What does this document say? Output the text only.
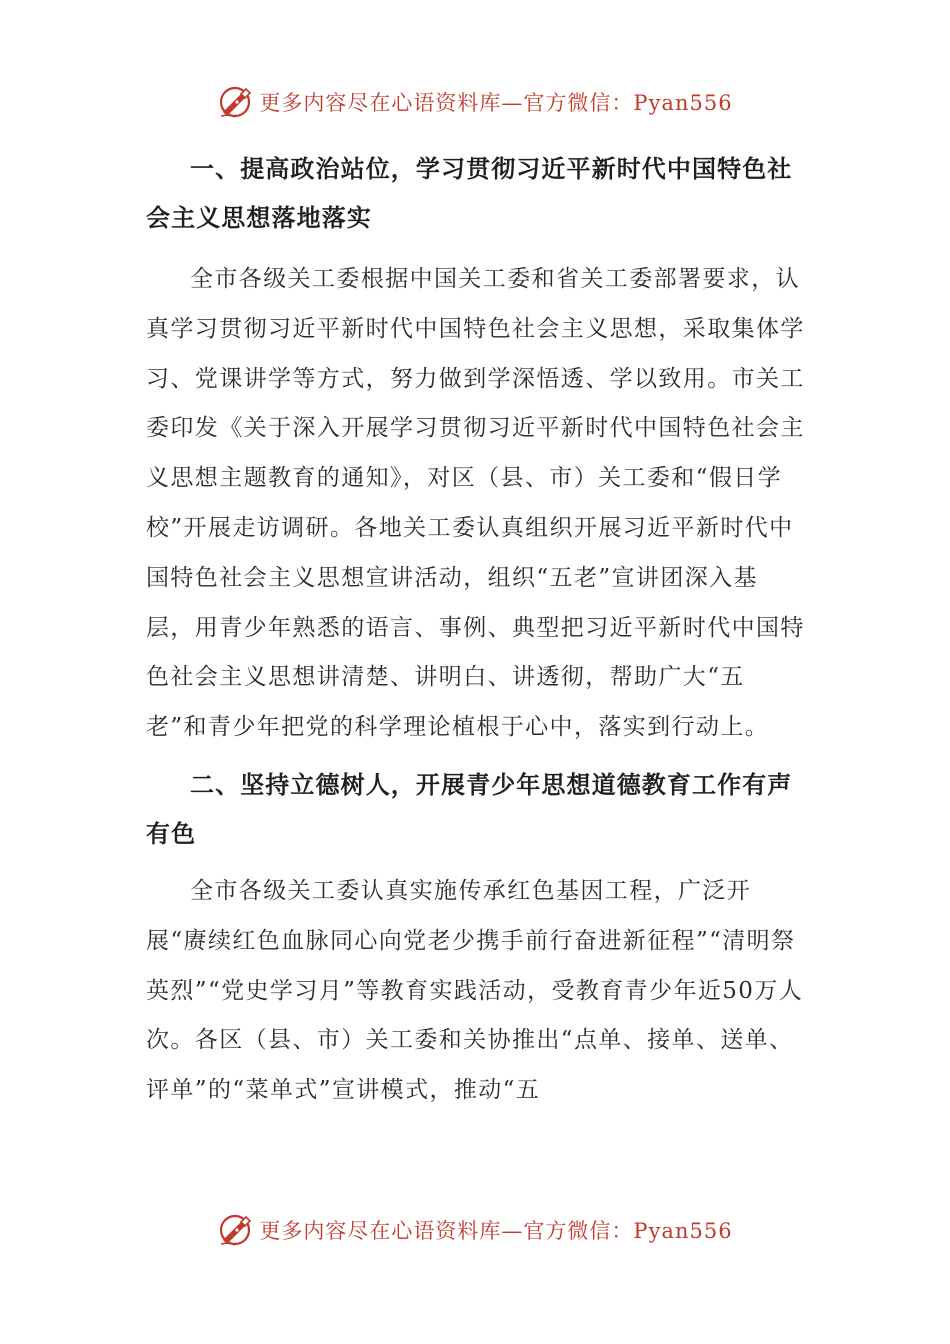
更多内容尽在心语资料库—官方微信：Pyan556

一、提高政治站位，学习贯彻习近平新时代中国特色社会主义思想落地落实

全市各级关工委根据中国关工委和省关工委部署要求，认真学习贯彻习近平新时代中国特色社会主义思想，采取集体学习、党课讲学等方式，努力做到学深悟透、学以致用。市关工委印发《关于深入开展学习贯彻习近平新时代中国特色社会主义思想主题教育的通知》，对区（县、市）关工委和“假日学校”开展走访调研。各地关工委认真组织开展习近平新时代中国特色社会主义思想宣讲活动，组织“五老”宣讲团深入基层，用青少年熟悉的语言、事例、典型把习近平新时代中国特色社会主义思想讲清楚、讲明白、讲透彻，帮助广大“五老”和青少年把党的科学理论植根于心中，落实到行动上。

二、坚持立德树人，开展青少年思想道德教育工作有声有色

全市各级关工委认真实施传承红色基因工程，广泛开展“赓续红色血脉同心向党老少携手前行奋进新征程”“清明祭英烈”“党史学习月”等教育实践活动，受教育青少年近50万人次。各区（县、市）关工委和关协推出“点单、接单、送单、评单”的“菜单式”宣讲模式，推动“五

更多内容尽在心语资料库—官方微信：Pyan556
